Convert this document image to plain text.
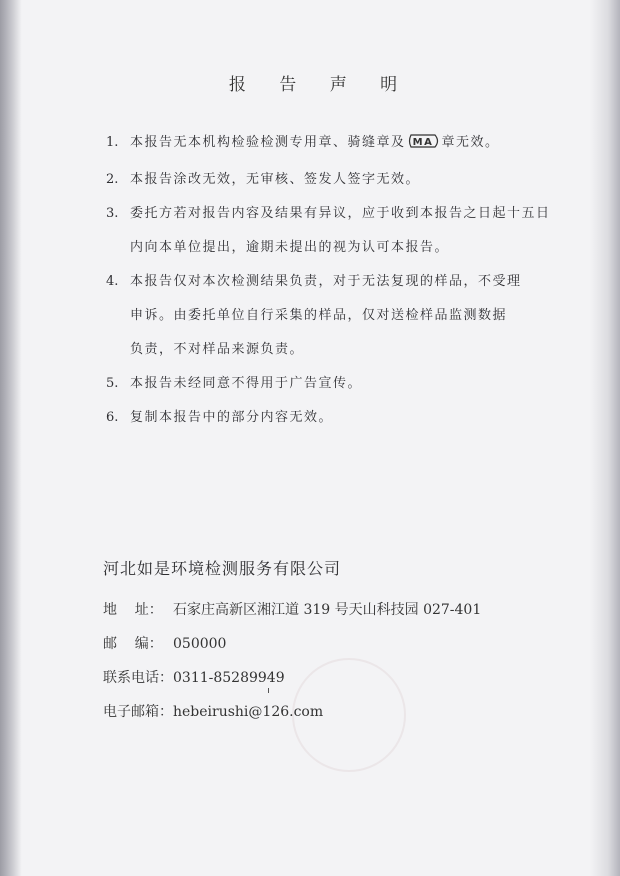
报 告 声 明
1. 本报告无本机构检验检测专用章、骑缝章及 MA 章无效。
2. 本报告涂改无效，无审核、签发人签字无效。
3. 委托方若对报告内容及结果有异议，应于收到本报告之日起十五日
内向本单位提出，逾期未提出的视为认可本报告。
4. 本报告仅对本次检测结果负责，对于无法复现的样品，不受理
申诉。由委托单位自行采集的样品，仅对送检样品监测数据
负责，不对样品来源负责。
5. 本报告未经同意不得用于广告宣传。
6. 复制本报告中的部分内容无效。
河北如是环境检测服务有限公司
地    址： 石家庄高新区湘江道 319 号天山科技园 027-401
邮    编： 050000
联系电话： 0311-85289949
电子邮箱： hebeirushi@126.com
